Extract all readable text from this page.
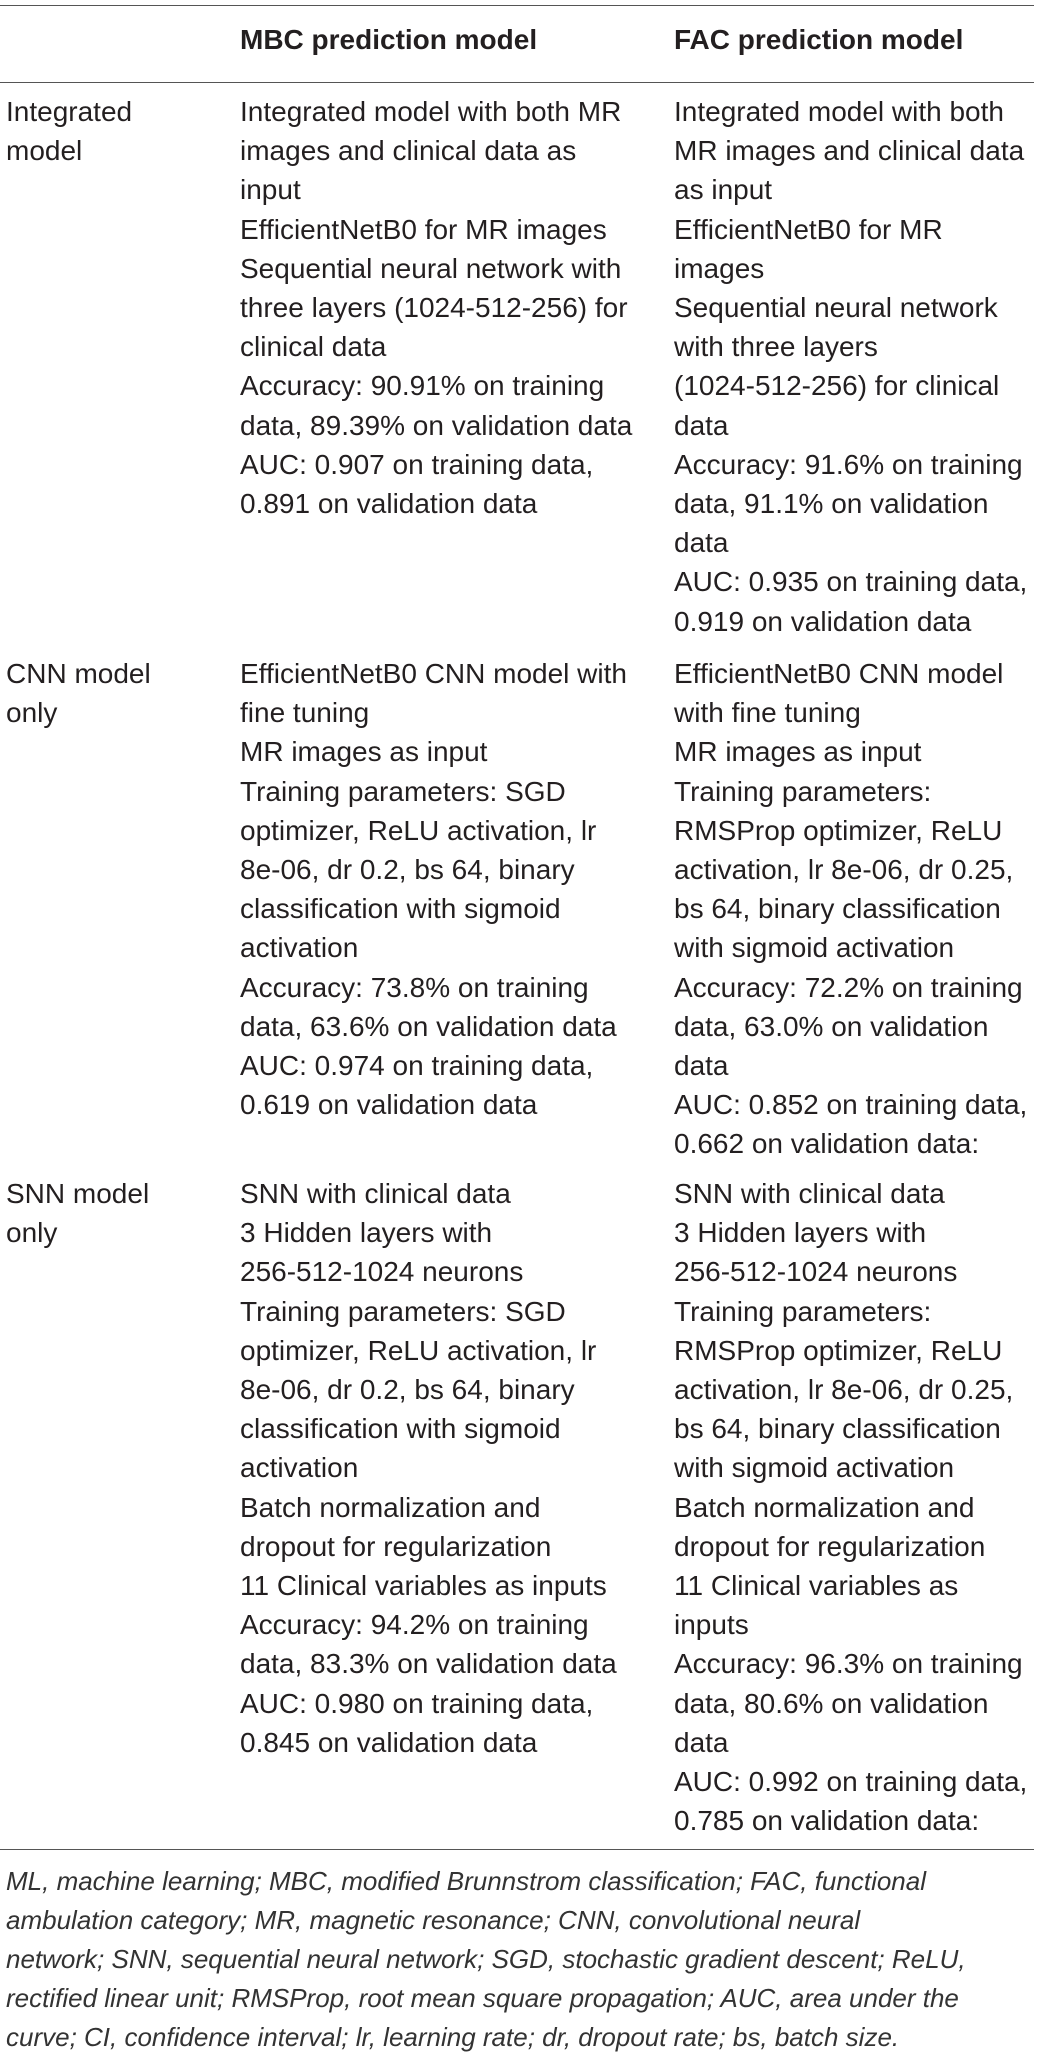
MBC prediction model	FAC prediction model
Integrated
model
Integrated model with both MR
images and clinical data as
input
EfficientNetB0 for MR images
Sequential neural network with
three layers (1024-512-256) for
clinical data
Accuracy: 90.91% on training
data, 89.39% on validation data
AUC: 0.907 on training data,
0.891 on validation data
Integrated model with both
MR images and clinical data
as input
EfficientNetB0 for MR
images
Sequential neural network
with three layers
(1024-512-256) for clinical
data
Accuracy: 91.6% on training
data, 91.1% on validation
data
AUC: 0.935 on training data,
0.919 on validation data
CNN model
only
EfficientNetB0 CNN model with
fine tuning
MR images as input
Training parameters: SGD
optimizer, ReLU activation, lr
8e-06, dr 0.2, bs 64, binary
classification with sigmoid
activation
Accuracy: 73.8% on training
data, 63.6% on validation data
AUC: 0.974 on training data,
0.619 on validation data
EfficientNetB0 CNN model
with fine tuning
MR images as input
Training parameters:
RMSProp optimizer, ReLU
activation, lr 8e-06, dr 0.25,
bs 64, binary classification
with sigmoid activation
Accuracy: 72.2% on training
data, 63.0% on validation
data
AUC: 0.852 on training data,
0.662 on validation data:
SNN model
only
SNN with clinical data
3 Hidden layers with
256-512-1024 neurons
Training parameters: SGD
optimizer, ReLU activation, lr
8e-06, dr 0.2, bs 64, binary
classification with sigmoid
activation
Batch normalization and
dropout for regularization
11 Clinical variables as inputs
Accuracy: 94.2% on training
data, 83.3% on validation data
AUC: 0.980 on training data,
0.845 on validation data
SNN with clinical data
3 Hidden layers with
256-512-1024 neurons
Training parameters:
RMSProp optimizer, ReLU
activation, lr 8e-06, dr 0.25,
bs 64, binary classification
with sigmoid activation
Batch normalization and
dropout for regularization
11 Clinical variables as
inputs
Accuracy: 96.3% on training
data, 80.6% on validation
data
AUC: 0.992 on training data,
0.785 on validation data:
ML, machine learning; MBC, modified Brunnstrom classification; FAC, functional
ambulation category; MR, magnetic resonance; CNN, convolutional neural
network; SNN, sequential neural network; SGD, stochastic gradient descent; ReLU,
rectified linear unit; RMSProp, root mean square propagation; AUC, area under the
curve; CI, confidence interval; lr, learning rate; dr, dropout rate; bs, batch size.
